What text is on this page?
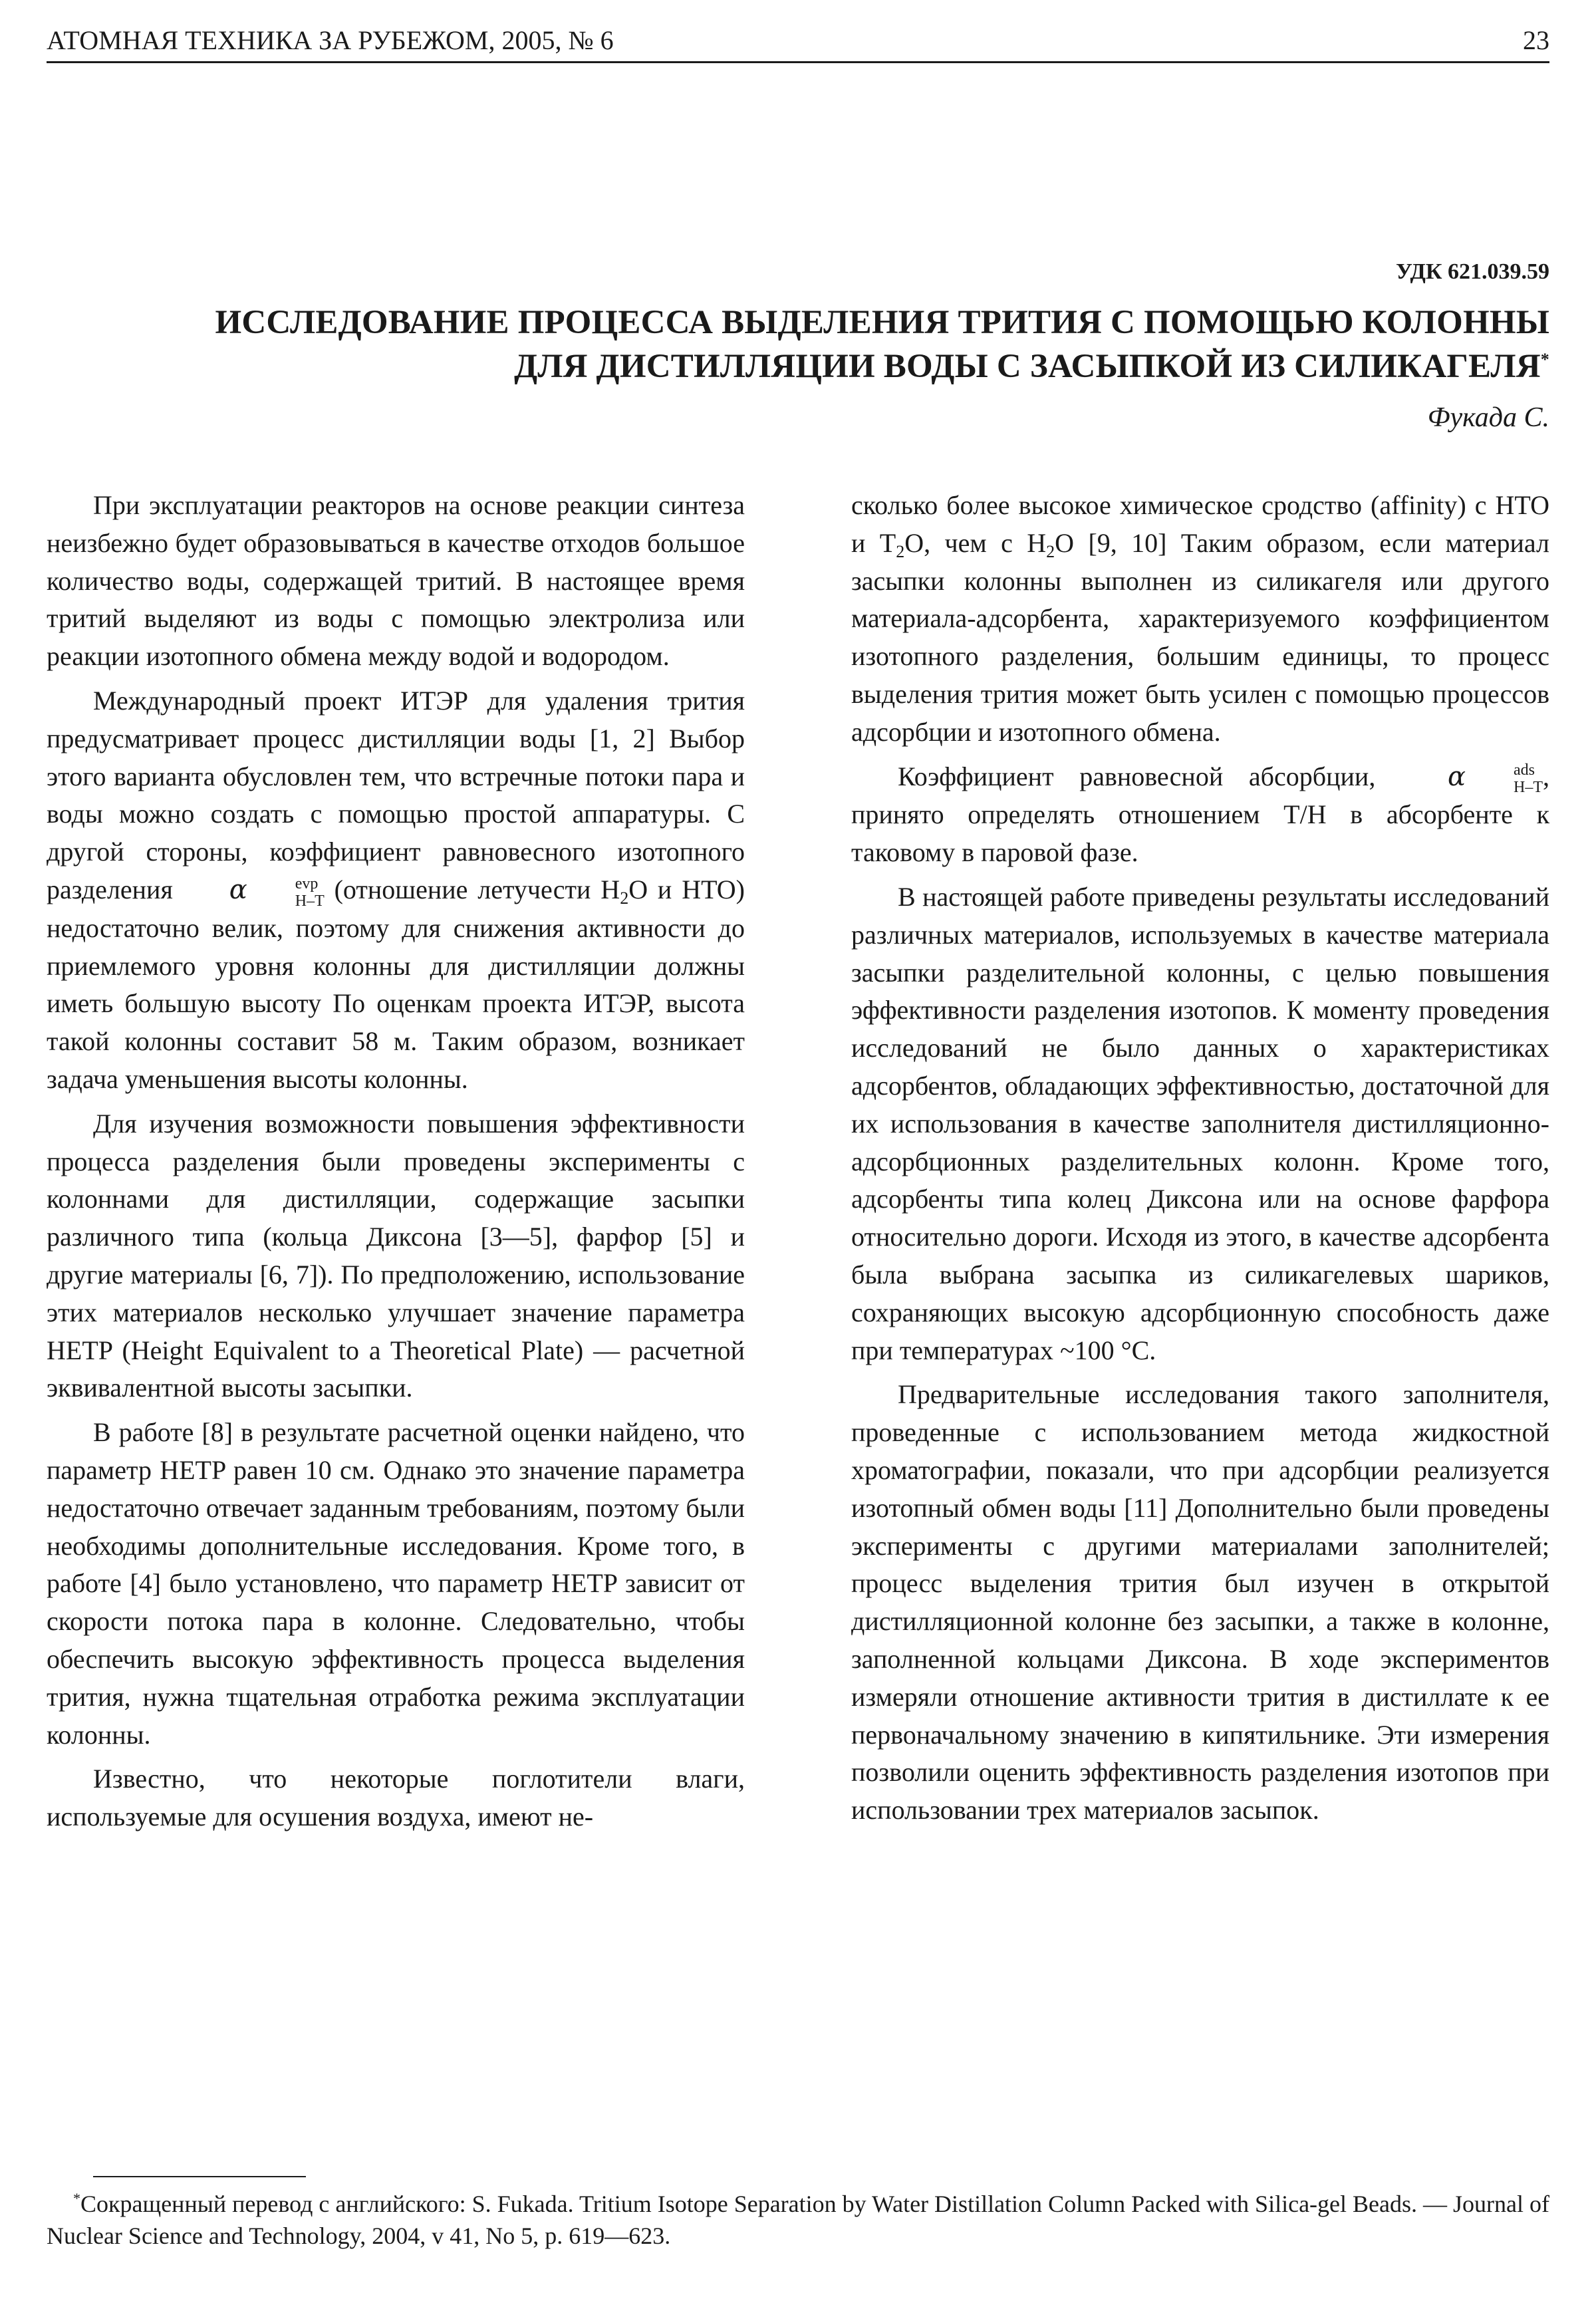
АТОМНАЯ ТЕХНИКА ЗА РУБЕЖОМ, 2005, № 6	23
УДК 621.039.59
ИССЛЕДОВАНИЕ ПРОЦЕССА ВЫДЕЛЕНИЯ ТРИТИЯ С ПОМОЩЬЮ КОЛОННЫ
ДЛЯ ДИСТИЛЛЯЦИИ ВОДЫ С ЗАСЫПКОЙ ИЗ СИЛИКАГЕЛЯ*
Фукада С.

При эксплуатации реакторов на основе реакции синтеза неизбежно будет образовываться в качестве отходов большое количество воды, содержащей тритий. В настоящее время тритий выделяют из воды с помощью электролиза или реакции изотопного обмена между водой и водородом.

Международный проект ИТЭР для удаления трития предусматривает процесс дистилляции воды [1, 2] Выбор этого варианта обусловлен тем, что встречные потоки пара и воды можно создать с помощью простой аппаратуры. С другой стороны, коэффициент равновесного изотопного разделения α	evp
H–T (отношение летучести $H_2O$ и HTO) недостаточно велик, поэтому для снижения активности до приемлемого уровня колонны для дистилляции должны иметь большую высоту По оценкам проекта ИТЭР, высота такой колонны составит 58 м. Таким образом, возникает задача уменьшения высоты колонны.

Для изучения возможности повышения эффективности процесса разделения были проведены эксперименты с колоннами для дистилляции, содержащие засыпки различного типа (кольца Диксона [3—5], фарфор [5] и другие материалы [6, 7]). По предположению, использование этих материалов несколько улучшает значение параметра HETP (Height Equivalent to a Theoretical Plate) — расчетной эквивалентной высоты засыпки.

В работе [8] в результате расчетной оценки найдено, что параметр HETP равен 10 см. Однако это значение параметра недостаточно отвечает заданным требованиям, поэтому были необходимы дополнительные исследования. Кроме того, в работе [4] было установлено, что параметр HETP зависит от скорости потока пара в колонне. Следовательно, чтобы обеспечить высокую эффективность процесса выделения трития, нужна тщательная отработка режима эксплуатации колонны.

Известно, что некоторые поглотители влаги, используемые для осушения воздуха, имеют не-

сколько более высокое химическое сродство (affinity) с HTO и $T_2O$, чем с $H_2O$ [9, 10] Таким образом, если материал засыпки колонны выполнен из силикагеля или другого материала-адсорбента, характеризуемого коэффициентом изотопного разделения, большим единицы, то процесс выделения трития может быть усилен с помощью процессов адсорбции и изотопного обмена.

Коэффициент равновесной абсорбции,	α	ads
H–T , принято определять отношением T/H в абсорбенте к таковому в паровой фазе.

В настоящей работе приведены результаты исследований различных материалов, используемых в качестве материала засыпки разделительной колонны, с целью повышения эффективности разделения изотопов. К моменту проведения исследований не было данных о характеристиках адсорбентов, обладающих эффективностью, достаточной для их использования в качестве заполнителя дистилляционно-адсорбционных разделительных колонн. Кроме того, адсорбенты типа колец Диксона или на основе фарфора относительно дороги. Исходя из этого, в качестве адсорбента была выбрана засыпка из силикагелевых шариков, сохраняющих высокую адсорбционную способность даже при температурах ~100 °C.

Предварительные исследования такого заполнителя, проведенные с использованием метода жидкостной хроматографии, показали, что при адсорбции реализуется изотопный обмен воды [11] Дополнительно были проведены эксперименты с другими материалами заполнителей; процесс выделения трития был изучен в открытой дистилляционной колонне без засыпки, а также в колонне, заполненной кольцами Диксона. В ходе экспериментов измеряли отношение активности трития в дистиллате к ее первоначальному значению в кипятильнике. Эти измерения позволили оценить эффективность разделения изотопов при использовании трех материалов засыпок.

*Сокращенный перевод с английского: S. Fukada. Tritium Isotope Separation by Water Distillation Column Packed with Silica-gel Beads. — Journal of Nuclear Science and Technology, 2004, v 41, No 5, p. 619—623.
